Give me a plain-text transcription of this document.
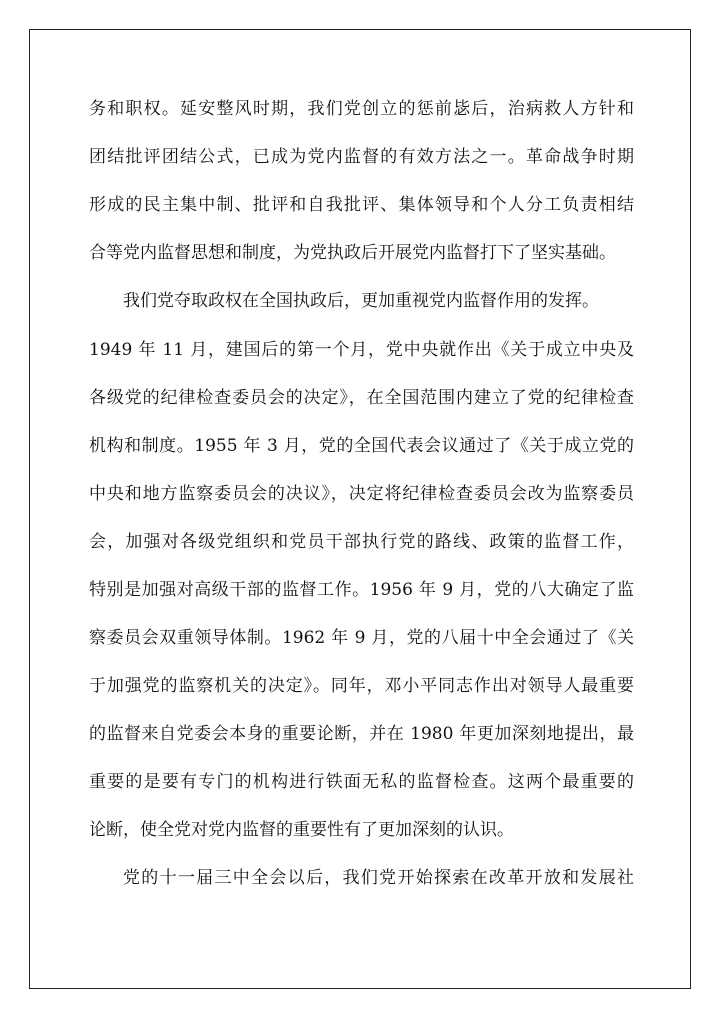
务和职权。延安整风时期，我们党创立的惩前毖后，治病救人方针和
团结批评团结公式，已成为党内监督的有效方法之一。革命战争时期
形成的民主集中制、批评和自我批评、集体领导和个人分工负责相结
合等党内监督思想和制度，为党执政后开展党内监督打下了坚实基础。
我们党夺取政权在全国执政后，更加重视党内监督作用的发挥。
1949 年 11 月，建国后的第一个月，党中央就作出《关于成立中央及
各级党的纪律检查委员会的决定》，在全国范围内建立了党的纪律检查
机构和制度。1955 年 3 月，党的全国代表会议通过了《关于成立党的
中央和地方监察委员会的决议》，决定将纪律检查委员会改为监察委员
会，加强对各级党组织和党员干部执行党的路线、政策的监督工作，
特别是加强对高级干部的监督工作。1956 年 9 月，党的八大确定了监
察委员会双重领导体制。1962 年 9 月，党的八届十中全会通过了《关
于加强党的监察机关的决定》。同年，邓小平同志作出对领导人最重要
的监督来自党委会本身的重要论断，并在 1980 年更加深刻地提出，最
重要的是要有专门的机构进行铁面无私的监督检查。这两个最重要的
论断，使全党对党内监督的重要性有了更加深刻的认识。
党的十一届三中全会以后，我们党开始探索在改革开放和发展社
